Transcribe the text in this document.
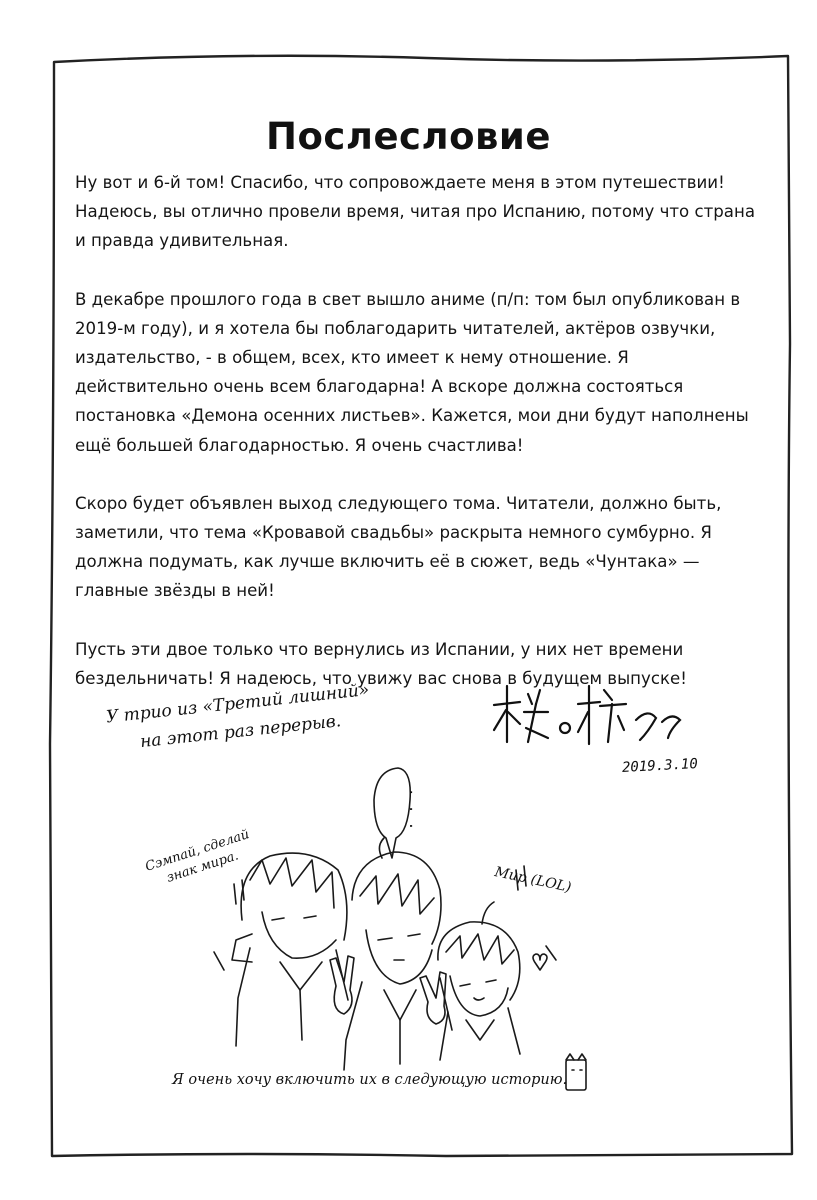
Послесловие

Ну вот и 6-й том! Спасибо, что сопровождаете меня в этом путешествии! Надеюсь, вы отлично провели время, читая про Испанию, потому что страна и правда удивительная.

В декабре прошлого года в свет вышло аниме (п/п: том был опубликован в 2019-м году), и я хотела бы поблагодарить читателей, актёров озвучки, издательство, - в общем, всех, кто имеет к нему отношение. Я действительно очень всем благодарна! А вскоре должна состояться постановка «Демона осенних листьев». Кажется, мои дни будут наполнены ещё большей благодарностью. Я очень счастлива!

Скоро будет объявлен выход следующего тома. Читатели, должно быть, заметили, что тема «Кровавой свадьбы» раскрыта немного сумбурно. Я должна подумать, как лучше включить её в сюжет, ведь «Чунтака» — главные звёзды в ней!

Пусть эти двое только что вернулись из Испании, у них нет времени бездельничать! Я надеюсь, что увижу вас снова в будущем выпуске!

2019.3.10
У трио из «Третий лишний» на этот раз перерыв.
· · ·
Сэмпай, сделай знак мира.	Мир (LOL)
Я очень хочу включить их в следующую историю.
